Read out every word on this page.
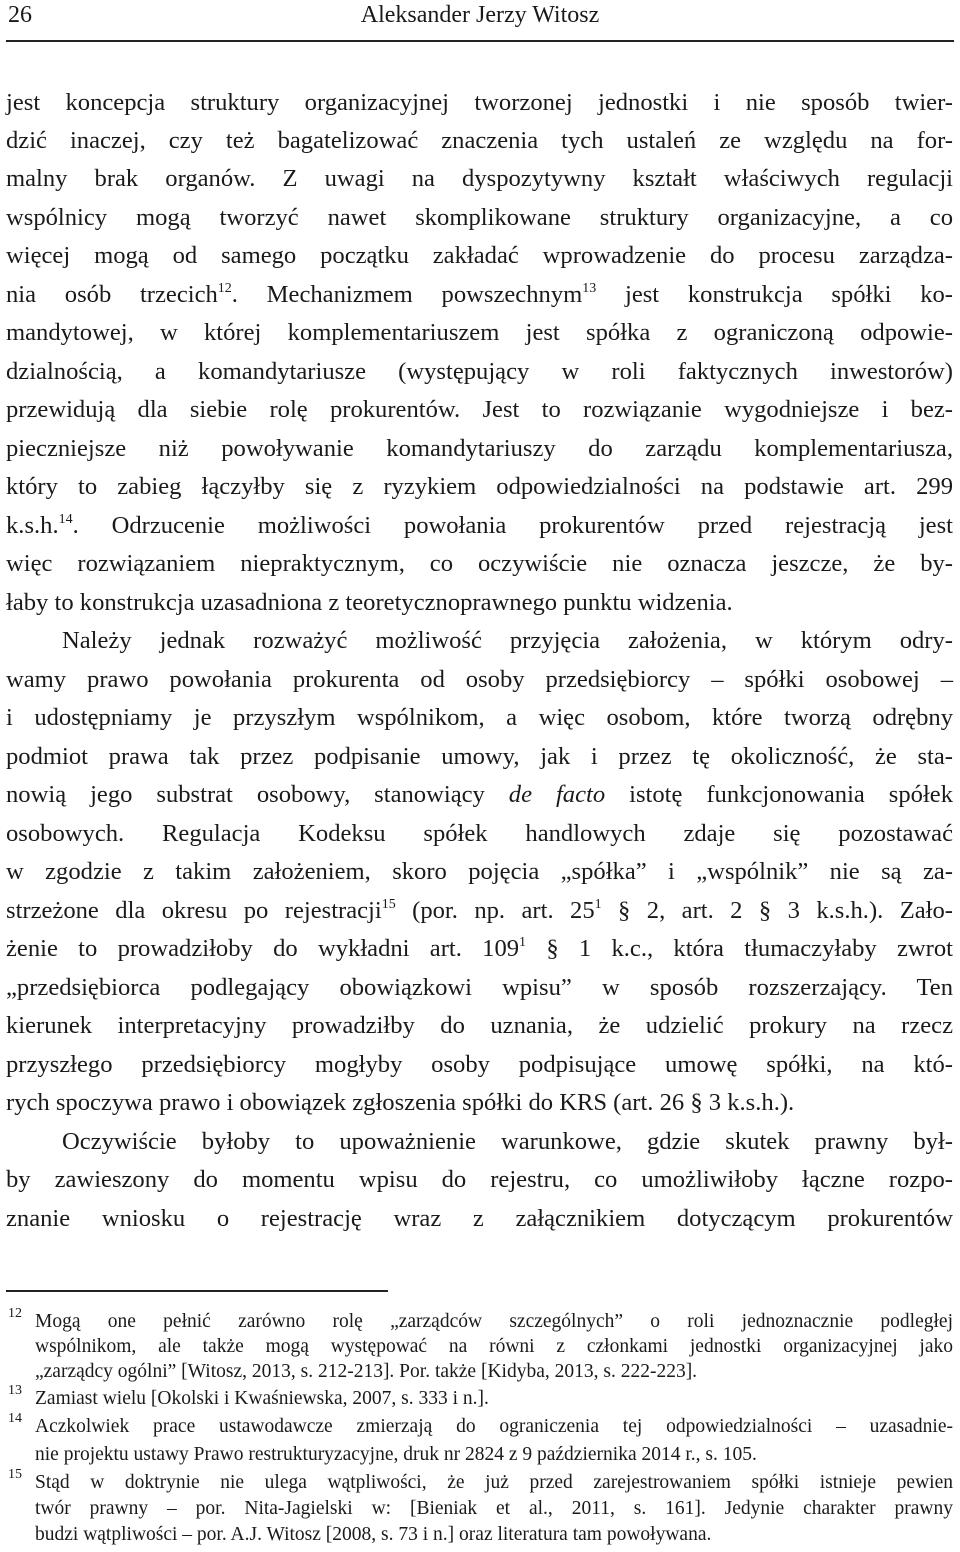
26	Aleksander Jerzy Witosz
jest koncepcja struktury organizacyjnej tworzonej jednostki i nie sposób twier-
dzić inaczej, czy też bagatelizować znaczenia tych ustaleń ze względu na for-
malny brak organów. Z uwagi na dyspozytywny kształt właściwych regulacji
wspólnicy mogą tworzyć nawet skomplikowane struktury organizacyjne, a co
więcej mogą od samego początku zakładać wprowadzenie do procesu zarządza-
nia osób trzecich$^{12}$. Mechanizmem powszechnym$^{13}$ jest konstrukcja spółki ko-
mandytowej, w której komplementariuszem jest spółka z ograniczoną odpowie-
dzialnością, a komandytariusze (występujący w roli faktycznych inwestorów)
przewidują dla siebie rolę prokurentów. Jest to rozwiązanie wygodniejsze i bez-
pieczniejsze niż powoływanie komandytariuszy do zarządu komplementariusza,
który to zabieg łączyłby się z ryzykiem odpowiedzialności na podstawie art. 299
k.s.h.$^{14}$. Odrzucenie możliwości powołania prokurentów przed rejestracją jest
więc rozwiązaniem niepraktycznym, co oczywiście nie oznacza jeszcze, że by-
łaby to konstrukcja uzasadniona z teoretycznoprawnego punktu widzenia.
Należy jednak rozważyć możliwość przyjęcia założenia, w którym odry-
wamy prawo powołania prokurenta od osoby przedsiębiorcy – spółki osobowej –
i udostępniamy je przyszłym wspólnikom, a więc osobom, które tworzą odrębny
podmiot prawa tak przez podpisanie umowy, jak i przez tę okoliczność, że sta-
nowią jego substrat osobowy, stanowiący de facto istotę funkcjonowania spółek
osobowych. Regulacja Kodeksu spółek handlowych zdaje się pozostawać
w zgodzie z takim założeniem, skoro pojęcia „spółka” i „wspólnik” nie są za-
strzeżone dla okresu po rejestracji$^{15}$ (por. np. art. $25^1$ § 2, art. 2 § 3 k.s.h.). Zało-
żenie to prowadziłoby do wykładni art. $109^1$ § 1 k.c., która tłumaczyłaby zwrot
„przedsiębiorca podlegający obowiązkowi wpisu” w sposób rozszerzający. Ten
kierunek interpretacyjny prowadziłby do uznania, że udzielić prokury na rzecz
przyszłego przedsiębiorcy mogłyby osoby podpisujące umowę spółki, na któ-
rych spoczywa prawo i obowiązek zgłoszenia spółki do KRS (art. 26 § 3 k.s.h.).
Oczywiście byłoby to upoważnienie warunkowe, gdzie skutek prawny był-
by zawieszony do momentu wpisu do rejestru, co umożliwiłoby łączne rozpo-
znanie wniosku o rejestrację wraz z załącznikiem dotyczącym prokurentów
12 Mogą one pełnić zarówno rolę „zarządców szczególnych” o roli jednoznacznie podległej
wspólnikom, ale także mogą występować na równi z członkami jednostki organizacyjnej jako
„zarządcy ogólni” [Witosz, 2013, s. 212-213]. Por. także [Kidyba, 2013, s. 222-223].
13 Zamiast wielu [Okolski i Kwaśniewska, 2007, s. 333 i n.].
14 Aczkolwiek prace ustawodawcze zmierzają do ograniczenia tej odpowiedzialności – uzasadnie-
nie projektu ustawy Prawo restrukturyzacyjne, druk nr 2824 z 9 października 2014 r., s. 105.
15 Stąd w doktrynie nie ulega wątpliwości, że już przed zarejestrowaniem spółki istnieje pewien
twór prawny – por. Nita-Jagielski w: [Bieniak et al., 2011, s. 161]. Jedynie charakter prawny
budzi wątpliwości – por. A.J. Witosz [2008, s. 73 i n.] oraz literatura tam powoływana.
